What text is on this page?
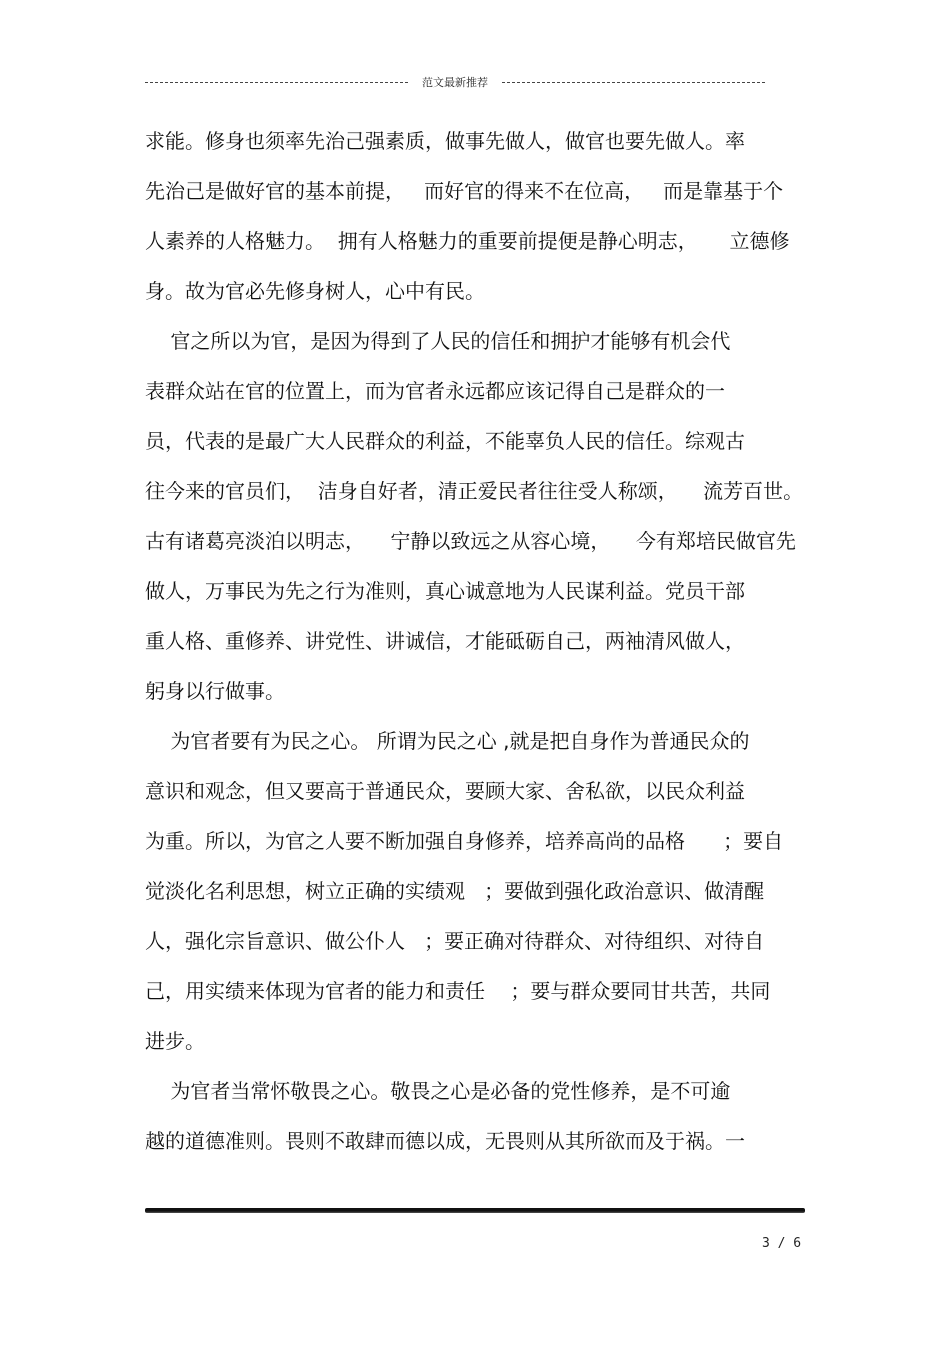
范文最新推荐
求能。修身也须率先治己强素质，做事先做人，做官也要先做人。率
先治己是做好官的基本前提，   而好官的得来不在位高，   而是靠基于个
人素养的人格魅力。  拥有人格魅力的重要前提便是静心明志，     立德修
身。故为官必先修身树人，心中有民。
官之所以为官，是因为得到了人民的信任和拥护才能够有机会代
表群众站在官的位置上，而为官者永远都应该记得自己是群众的一
员，代表的是最广大人民群众的利益，不能辜负人民的信任。综观古
往今来的官员们，  洁身自好者，清正爱民者往往受人称颂，    流芳百世。
古有诸葛亮淡泊以明志，    宁静以致远之从容心境，    今有郑培民做官先
做人，万事民为先之行为准则，真心诚意地为人民谋利益。党员干部
重人格、重修养、讲党性、讲诚信，才能砥砺自己，两袖清风做人，
躬身以行做事。
为官者要有为民之心。 所谓为民之心 ,就是把自身作为普通民众的
意识和观念，但又要高于普通民众，要顾大家、舍私欲，以民众利益
为重。所以，为官之人要不断加强自身修养，培养高尚的品格      ；要自
觉淡化名利思想，树立正确的实绩观   ；要做到强化政治意识、做清醒
人，强化宗旨意识、做公仆人   ；要正确对待群众、对待组织、对待自
己，用实绩来体现为官者的能力和责任    ；要与群众要同甘共苦，共同
进步。
为官者当常怀敬畏之心。敬畏之心是必备的党性修养，是不可逾
越的道德准则。畏则不敢肆而德以成，无畏则从其所欲而及于祸。一
3 / 6
